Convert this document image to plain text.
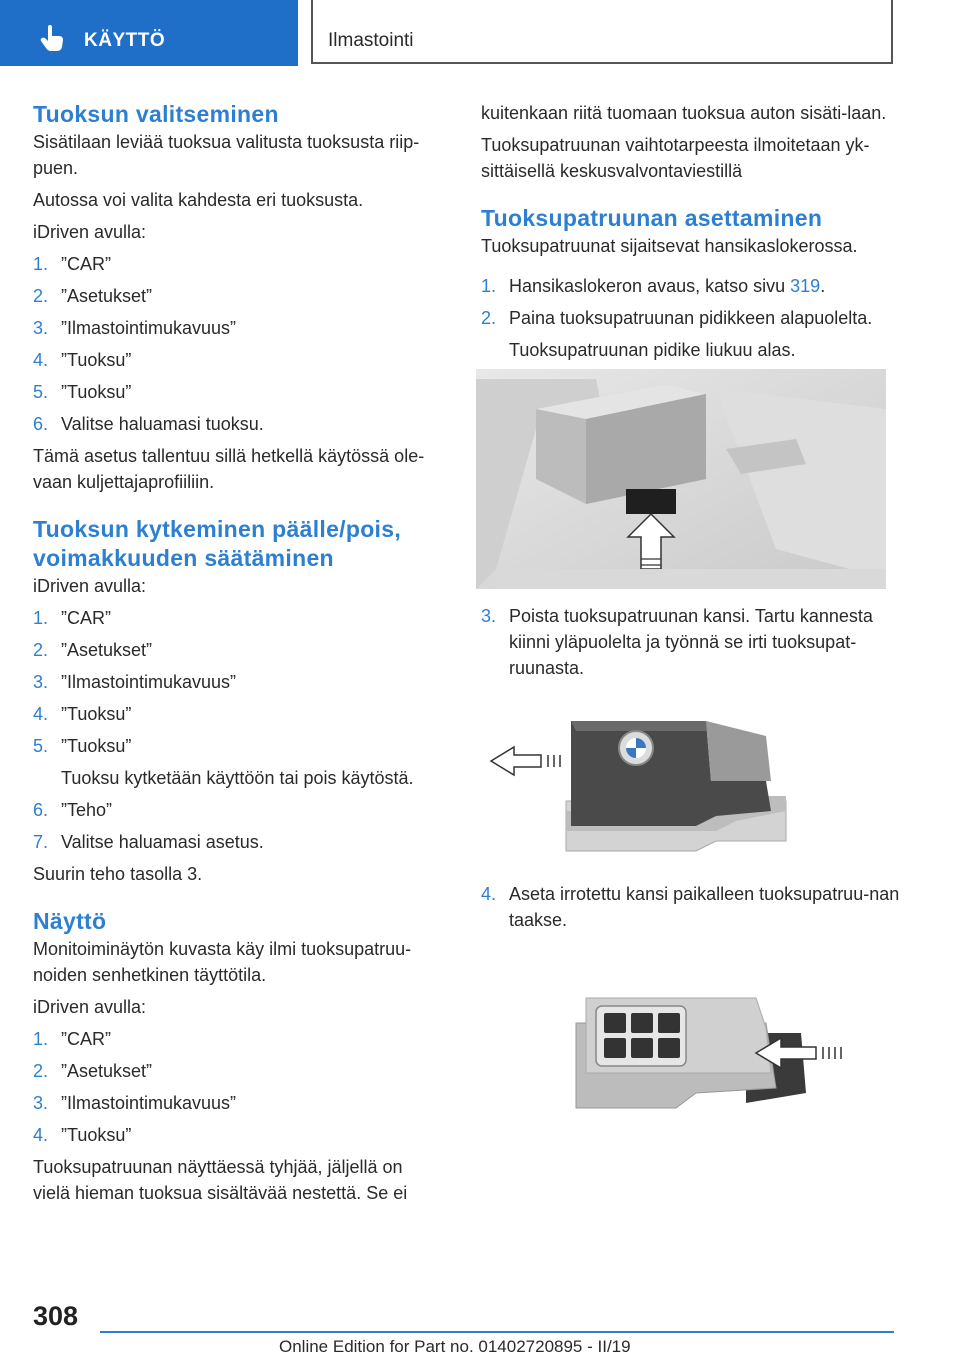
KÄYTTÖ	Ilmastointi
Tuoksun valitseminen

Sisätilaan leviää tuoksua valitusta tuoksusta riip-puen.

Autossa voi valita kahdesta eri tuoksusta.

iDriven avulla:

1. ”CAR”
2. ”Asetukset”
3. ”Ilmastointimukavuus”
4. ”Tuoksu”
5. ”Tuoksu”
6. Valitse haluamasi tuoksu.

Tämä asetus tallentuu sillä hetkellä käytössä ole-vaan kuljettajaprofiiliin.

Tuoksun kytkeminen päälle/pois,
voimakkuuden säätäminen

iDriven avulla:

1. ”CAR”
2. ”Asetukset”
3. ”Ilmastointimukavuus”
4. ”Tuoksu”
5. ”Tuoksu”
Tuoksu kytketään käyttöön tai pois käytöstä.
6. ”Teho”
7. Valitse haluamasi asetus.

Suurin teho tasolla 3.

Näyttö

Monitoiminäytön kuvasta käy ilmi tuoksupatruu-noiden senhetkinen täyttötila.

iDriven avulla:

1. ”CAR”
2. ”Asetukset”
3. ”Ilmastointimukavuus”
4. ”Tuoksu”

Tuoksupatruunan näyttäessä tyhjää, jäljellä on vielä hieman tuoksua sisältävää nestettä. Se ei

kuitenkaan riitä tuomaan tuoksua auton sisäti-laan.

Tuoksupatruunan vaihtotarpeesta ilmoitetaan yk-sittäisellä keskusvalvontaviestillä

Tuoksupatruunan asettaminen

Tuoksupatruunat sijaitsevat hansikaslokerossa.

1. Hansikaslokeron avaus, katso sivu 319.
2. Paina tuoksupatruunan pidikkeen alapuolelta.
Tuoksupatruunan pidike liukuu alas.
3. Poista tuoksupatruunan kansi. Tartu kannesta kiinni yläpuolelta ja työnnä se irti tuoksupat-ruunasta.
4. Aseta irrotettu kansi paikalleen tuoksupatruu-nan taakse.
308
Online Edition for Part no. 01402720895 - II/19
